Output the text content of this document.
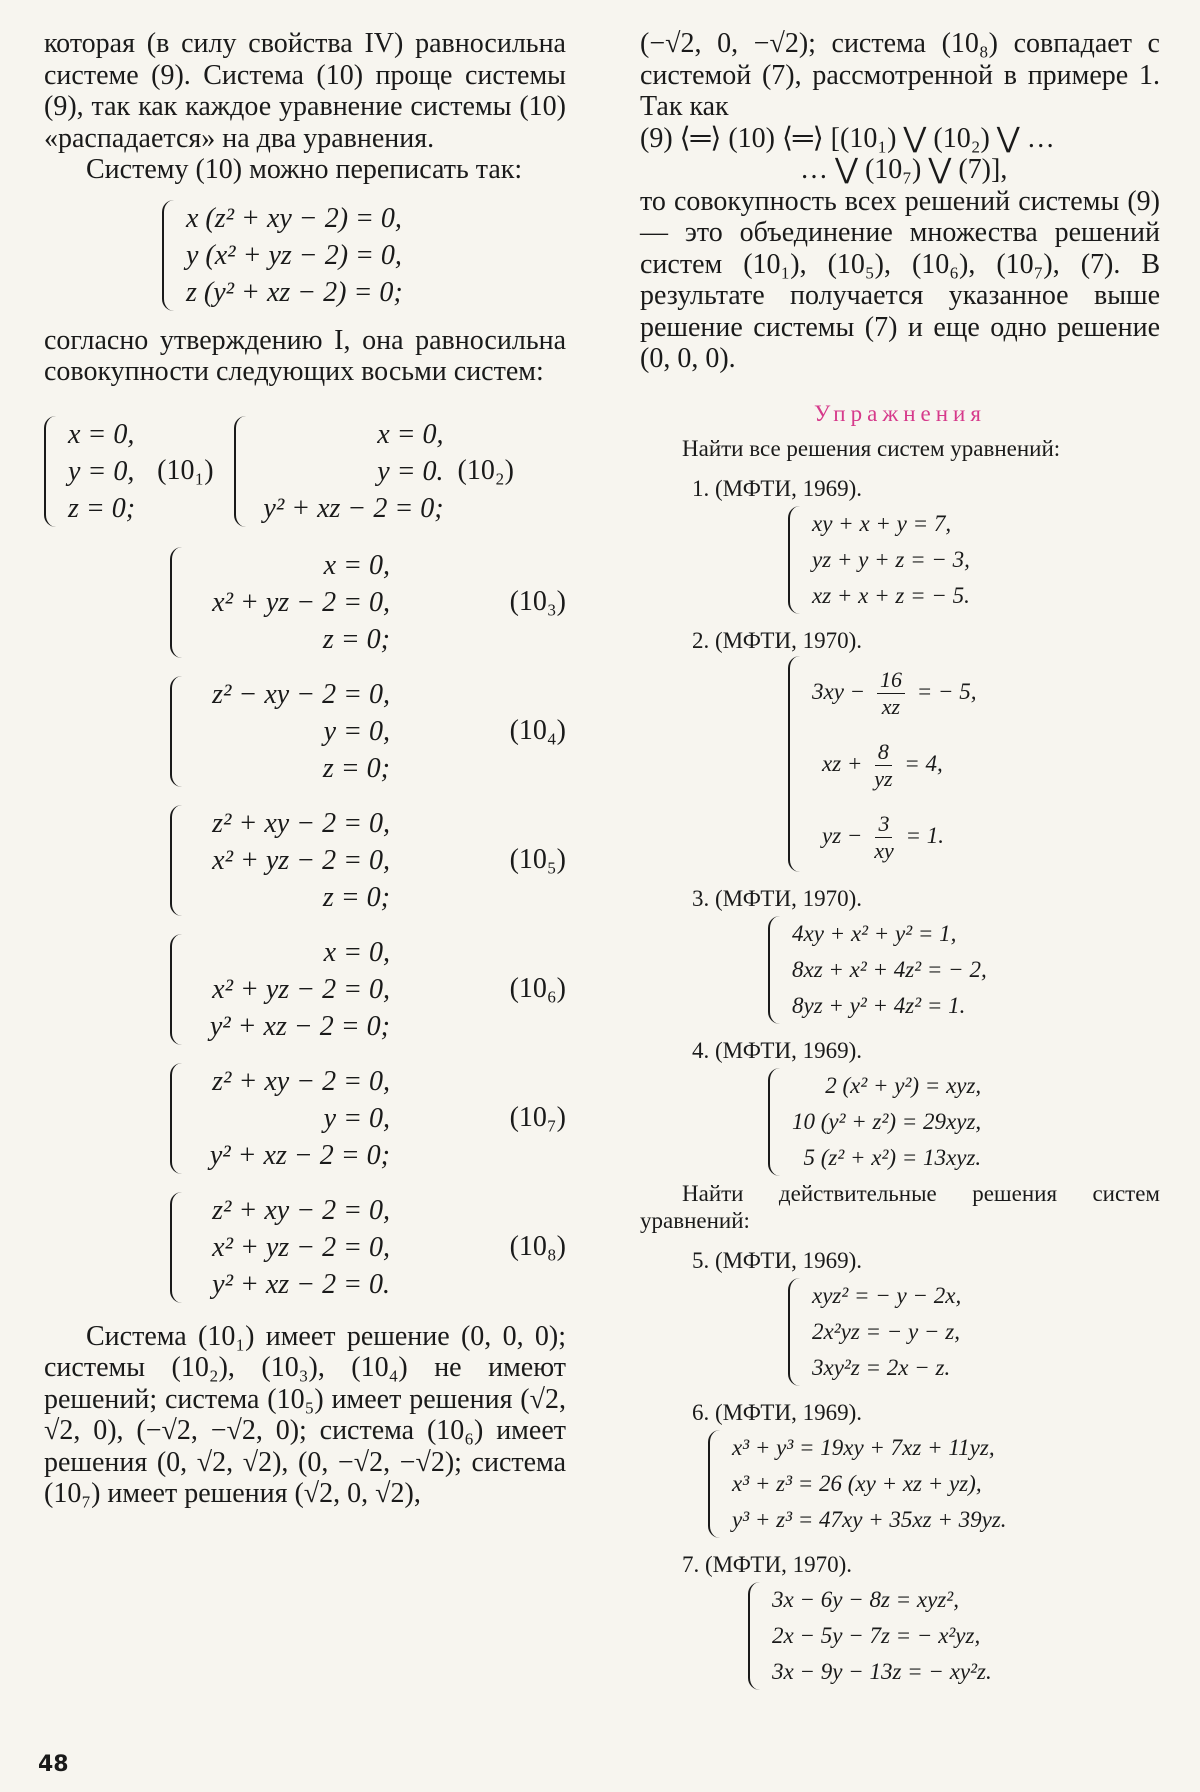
которая (в силу свойства IV) равносильна системе (9). Система (10) проще системы (9), так как каждое уравнение системы (10) «распадается» на два уравнения.

Систему (10) можно переписать так:

x (z² + xy − 2) = 0,
y (x² + yz − 2) = 0,
z (y² + xz − 2) = 0;

согласно утверждению I, она равносильна совокупности следующих восьми систем:

x = 0,
y = 0,
z = 0;
(10₁)
x = 0,
y = 0.
y² + xz − 2 = 0;
(10₂)
x = 0,
x² + yz − 2 = 0,
z = 0;
(10₃)
z² − xy − 2 = 0,
y = 0,
z = 0;
(10₄)
z² + xy − 2 = 0,
x² + yz − 2 = 0,
z = 0;
(10₅)
x = 0,
x² + yz − 2 = 0,
y² + xz − 2 = 0;
(10₆)
z² + xy − 2 = 0,
y = 0,
y² + xz − 2 = 0;
(10₇)
z² + xy − 2 = 0,
x² + yz − 2 = 0,
y² + xz − 2 = 0.
(10₈)

Система (10₁) имеет решение (0, 0, 0); системы (10₂), (10₃), (10₄) не имеют решений; система (10₅) имеет решения (√2, √2, 0), (−√2, −√2, 0); система (10₆) имеет решения (0, √2, √2), (0, −√2, −√2); система (10₇) имеет решения (√2, 0, √2),

(−√2, 0, −√2); система (10₈) совпадает с системой (7), рассмотренной в примере 1. Так как

(9) ⟨═⟩ (10) ⟨═⟩ [(10₁) ⋁ (10₂) ⋁ …

… ⋁ (10₇) ⋁ (7)],

то совокупность всех решений системы (9) — это объединение множества решений систем (10₁), (10₅), (10₆), (10₇), (7). В результате получается указанное выше решение системы (7) и еще одно решение (0, 0, 0).

Упражнения

Найти все решения систем уравнений:

1. (МФТИ, 1969).
xy + x + y = 7,
yz + y + z = − 3,
xz + x + z = − 5.
2. (МФТИ, 1970).
$3xy - \frac{16}{xz}$ = − 5,
xz + $\frac{8}{yz} = 4$,
yz − $\frac{3}{xy} = 1$.
3. (МФТИ, 1970).
4xy + x² + y² = 1,
8xz + x² + 4z² = − 2,
8yz + y² + 4z² = 1.
4. (МФТИ, 1969).
2 (x² + y²) = xyz,
10 (y² + z²) = 29xyz,
5 (z² + x²) = 13xyz.

Найти действительные решения систем уравнений:

5. (МФТИ, 1969).
xyz² = − y − 2x,
2x²yz = − y − z,
3xy²z = 2x − z.
6. (МФТИ, 1969).
x³ + y³ = 19xy + 7xz + 11yz,
x³ + z³ = 26 (xy + xz + yz),
y³ + z³ = 47xy + 35xz + 39yz.
7. (МФТИ, 1970).
3x − 6y − 8z = xyz²,
2x − 5y − 7z = − x²yz,
3x − 9y − 13z = − xy²z.
48
